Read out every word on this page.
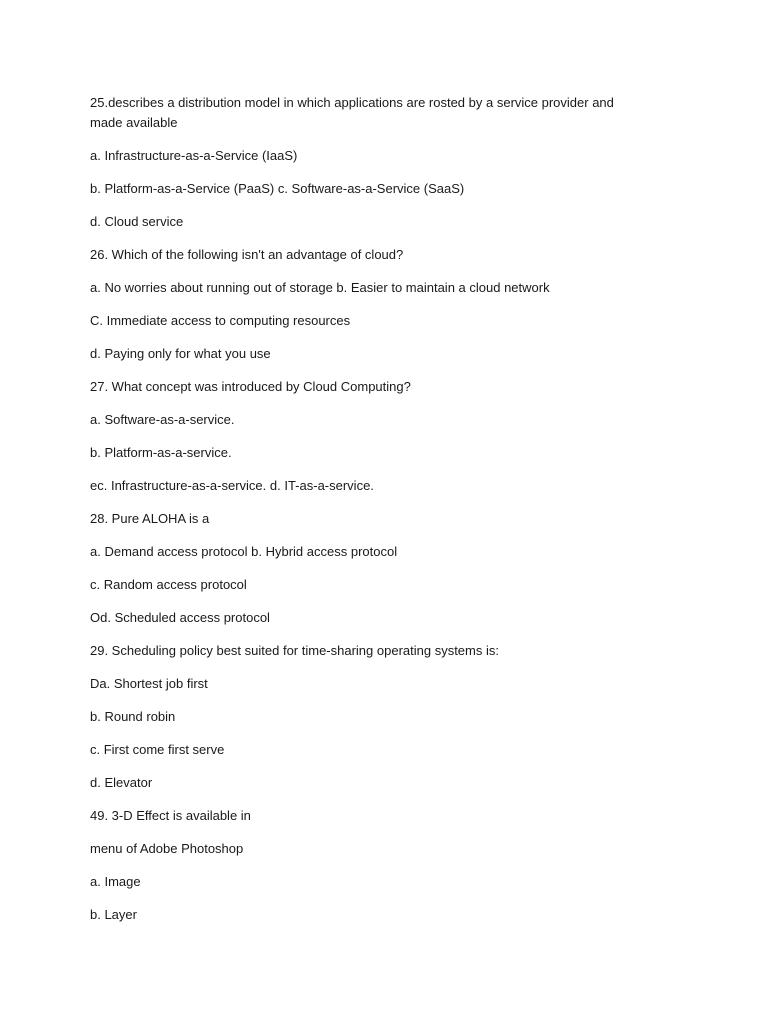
25.describes a distribution model in which applications are rosted by a service provider and made available

a. Infrastructure-as-a-Service (IaaS)

b. Platform-as-a-Service (PaaS) c. Software-as-a-Service (SaaS)

d. Cloud service

26. Which of the following isn't an advantage of cloud?

a. No worries about running out of storage b. Easier to maintain a cloud network

C. Immediate access to computing resources

d. Paying only for what you use

27. What concept was introduced by Cloud Computing?

a. Software-as-a-service.

b. Platform-as-a-service.

ec. Infrastructure-as-a-service. d. IT-as-a-service.

28. Pure ALOHA is a

a. Demand access protocol b. Hybrid access protocol

c. Random access protocol

Od. Scheduled access protocol

29. Scheduling policy best suited for time-sharing operating systems is:

Da. Shortest job first

b. Round robin

c. First come first serve

d. Elevator

49. 3-D Effect is available in

menu of Adobe Photoshop

a. Image

b. Layer
